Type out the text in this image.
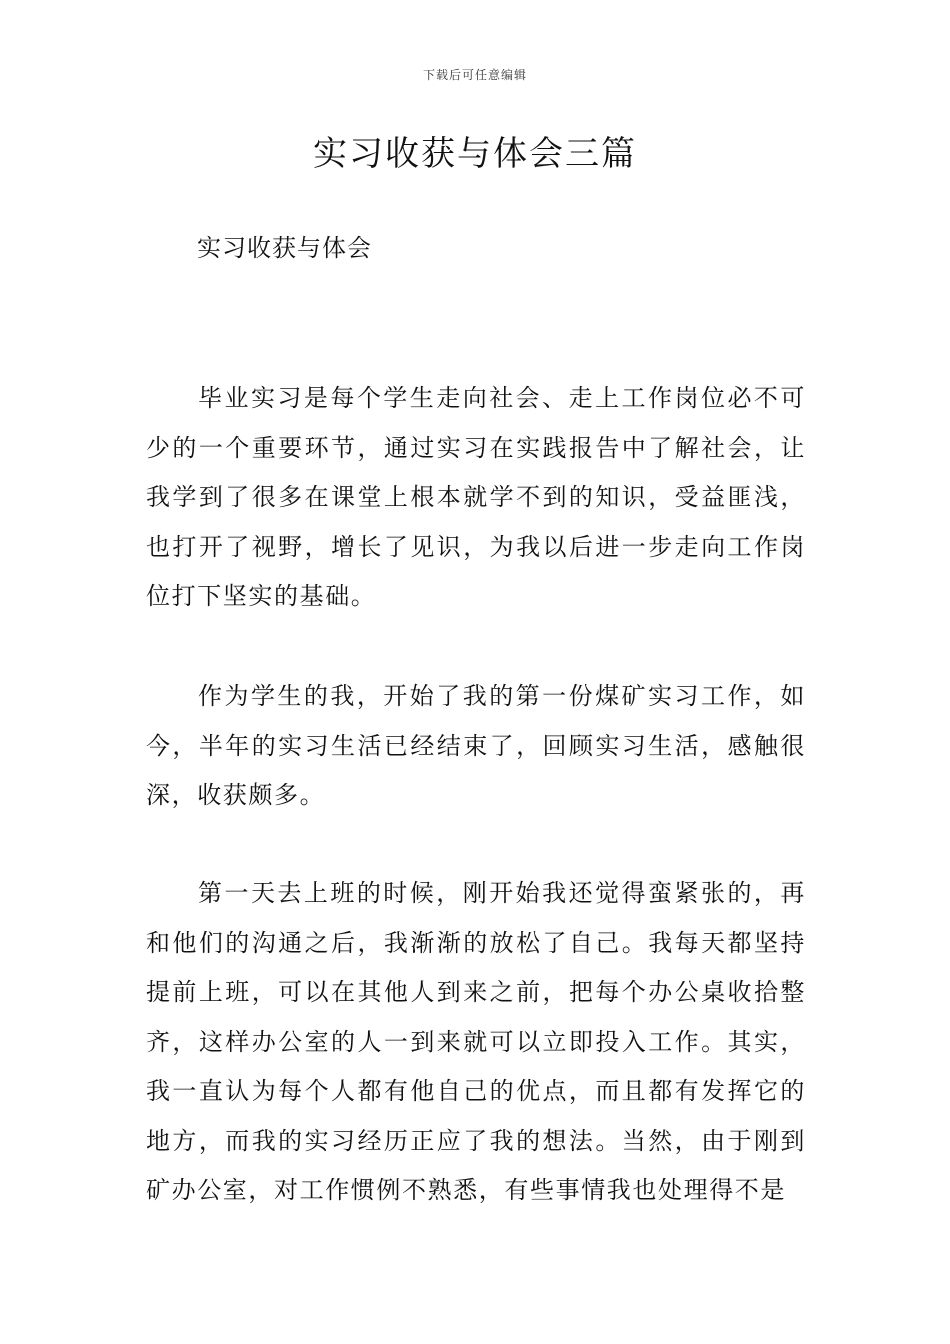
下载后可任意编辑
实习收获与体会三篇

实习收获与体会

毕业实习是每个学生走向社会、走上工作岗位必不可少的一个重要环节，通过实习在实践报告中了解社会，让我学到了很多在课堂上根本就学不到的知识，受益匪浅，也打开了视野，增长了见识，为我以后进一步走向工作岗位打下坚实的基础。

作为学生的我，开始了我的第一份煤矿实习工作，如今，半年的实习生活已经结束了，回顾实习生活，感触很深，收获颇多。

第一天去上班的时候，刚开始我还觉得蛮紧张的，再和他们的沟通之后，我渐渐的放松了自己。我每天都坚持提前上班，可以在其他人到来之前，把每个办公桌收拾整齐，这样办公室的人一到来就可以立即投入工作。其实，我一直认为每个人都有他自己的优点，而且都有发挥它的地方，而我的实习经历正应了我的想法。当然，由于刚到矿办公室，对工作惯例不熟悉，有些事情我也处理得不是
